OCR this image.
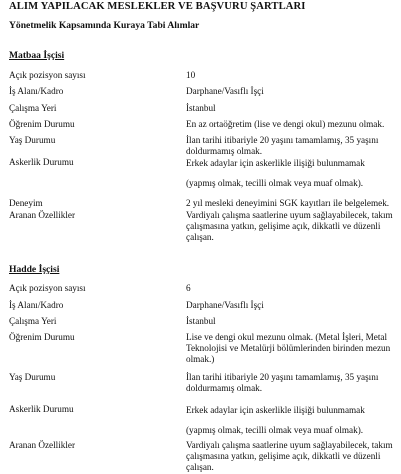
ALIM YAPILACAK MESLEKLER VE BAŞVURU ŞARTLARI
Yönetmelik Kapsamında Kuraya Tabi Alımlar
Matbaa İşçisi
Açık pozisyon sayısı	10
İş Alanı/Kadro	Darphane/Vasıflı İşçi
Çalışma Yeri	İstanbul
Öğrenim Durumu	En az ortaöğretim (lise ve dengi okul) mezunu olmak.
Yaş Durumu	İlan tarihi itibariyle 20 yaşını tamamlamış, 35 yaşını doldurmamış olmak.
Askerlik Durumu	Erkek adaylar için askerlikle ilişiği bulunmamak (yapmış olmak, tecilli olmak veya muaf olmak).
Deneyim	2 yıl mesleki deneyimini SGK kayıtları ile belgelemek.
Aranan Özellikler	Vardiyalı çalışma saatlerine uyum sağlayabilecek, takım çalışmasına yatkın, gelişime açık, dikkatli ve düzenli çalışan.
Hadde İşçisi
Açık pozisyon sayısı	6
İş Alanı/Kadro	Darphane/Vasıflı İşçi
Çalışma Yeri	İstanbul
Öğrenim Durumu	Lise ve dengi okul mezunu olmak. (Metal İşleri, Metal Teknolojisi ve Metalürji bölümlerinden birinden mezun olmak.)
Yaş Durumu	İlan tarihi itibariyle 20 yaşını tamamlamış, 35 yaşını doldurmamış olmak.
Askerlik Durumu	Erkek adaylar için askerlikle ilişiği bulunmamak (yapmış olmak, tecilli olmak veya muaf olmak).
Aranan Özellikler	Vardiyalı çalışma saatlerine uyum sağlayabilecek, takım çalışmasına yatkın, gelişime açık, dikkatli ve düzenli çalışan.
